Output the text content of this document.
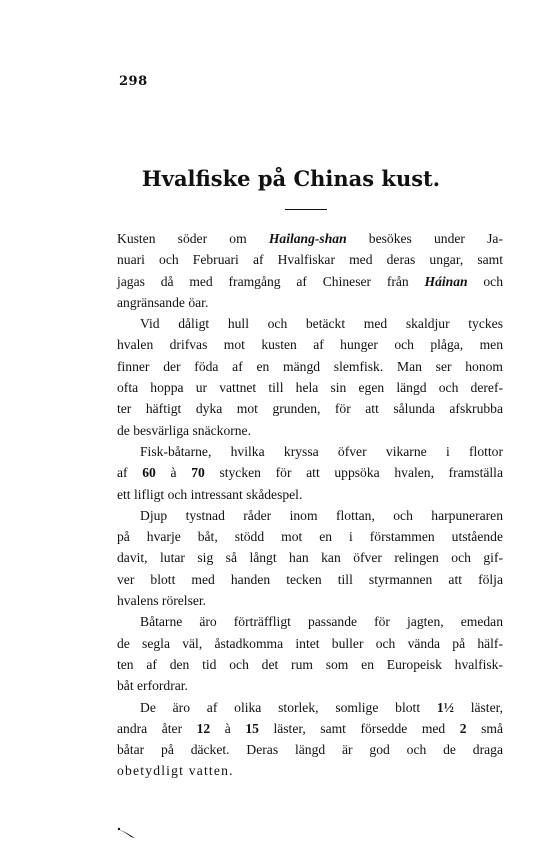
298
Hvalfiske på Chinas kust.
Kusten söder om Hailang-shan besökes under Ja-
nuari och Februari af Hvalfiskar med deras ungar, samt
jagas då med framgång af Chineser från Háinan och
angränsande öar.
Vid dåligt hull och betäckt med skaldjur tyckes
hvalen drifvas mot kusten af hunger och plåga, men
finner der föda af en mängd slemfisk. Man ser honom
ofta hoppa ur vattnet till hela sin egen längd och deref-
ter häftigt dyka mot grunden, för att sålunda afskrubba
de besvärliga snäckorne.
Fisk-båtarne, hvilka kryssa öfver vikarne i flottor
af 60 à 70 stycken för att uppsöka hvalen, framställa
ett lifligt och intressant skådespel.
Djup tystnad råder inom flottan, och harpuneraren
på hvarje båt, stödd mot en i förstammen utstående
davit, lutar sig så långt han kan öfver relingen och gif-
ver blott med handen tecken till styrmannen att följa
hvalens rörelser.
Båtarne äro förträffligt passande för jagten, emedan
de segla väl, åstadkomma intet buller och vända på hälf-
ten af den tid och det rum som en Europeisk hvalfisk-
båt erfordrar.
De äro af olika storlek, somlige blott 1½ läster,
andra åter 12 à 15 läster, samt försedde med 2 små
båtar på däcket. Deras längd är god och de draga
obetydligt vatten.
